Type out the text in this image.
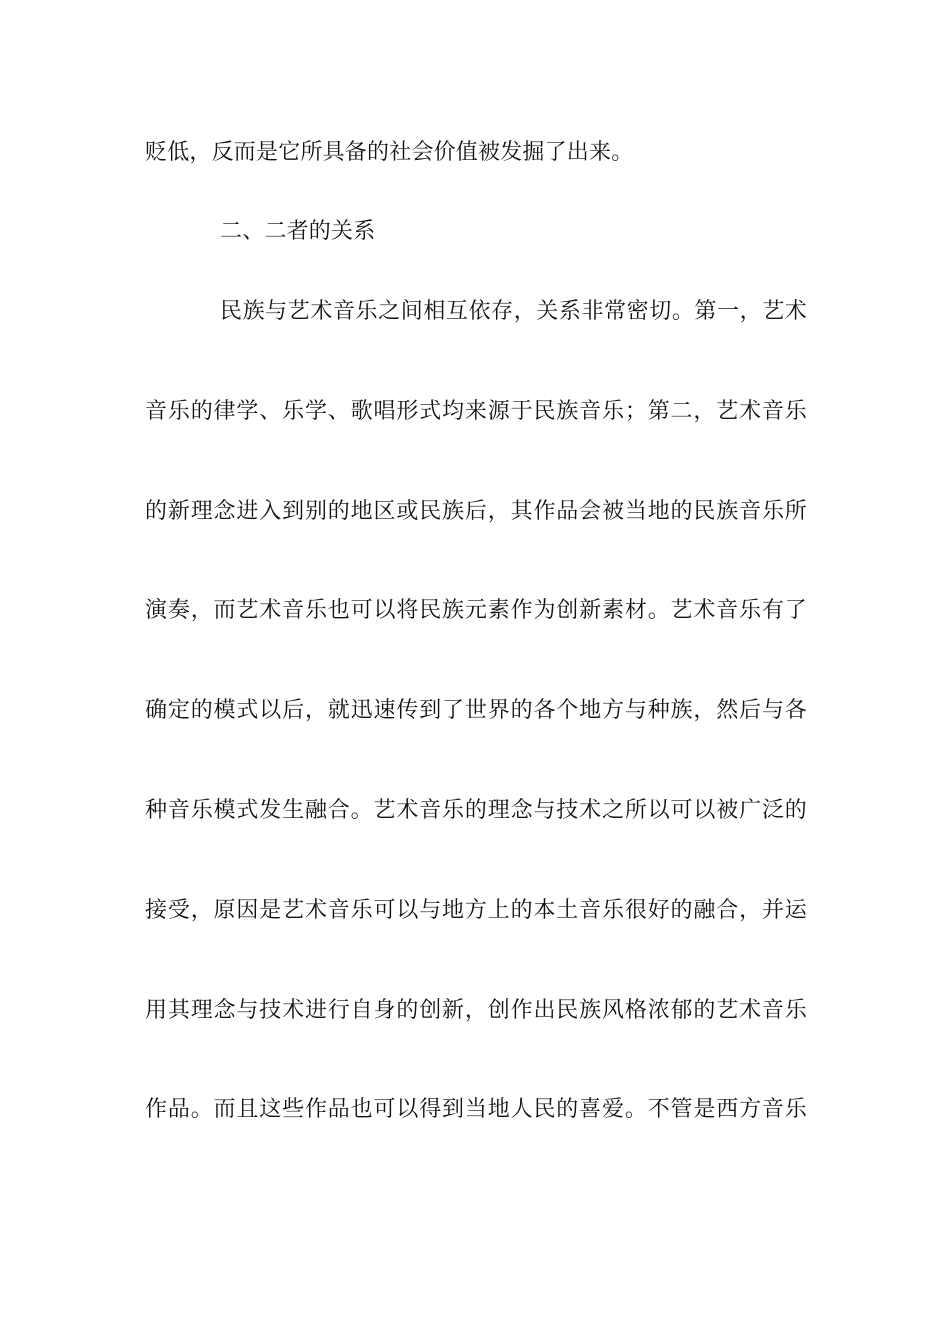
贬低，反而是它所具备的社会价值被发掘了出来。
二、二者的关系
民族与艺术音乐之间相互依存，关系非常密切。第一，艺术
音乐的律学、乐学、歌唱形式均来源于民族音乐；第二，艺术音乐
的新理念进入到别的地区或民族后，其作品会被当地的民族音乐所
演奏，而艺术音乐也可以将民族元素作为创新素材。艺术音乐有了
确定的模式以后，就迅速传到了世界的各个地方与种族，然后与各
种音乐模式发生融合。艺术音乐的理念与技术之所以可以被广泛的
接受，原因是艺术音乐可以与地方上的本土音乐很好的融合，并运
用其理念与技术进行自身的创新，创作出民族风格浓郁的艺术音乐
作品。而且这些作品也可以得到当地人民的喜爱。不管是西方音乐
